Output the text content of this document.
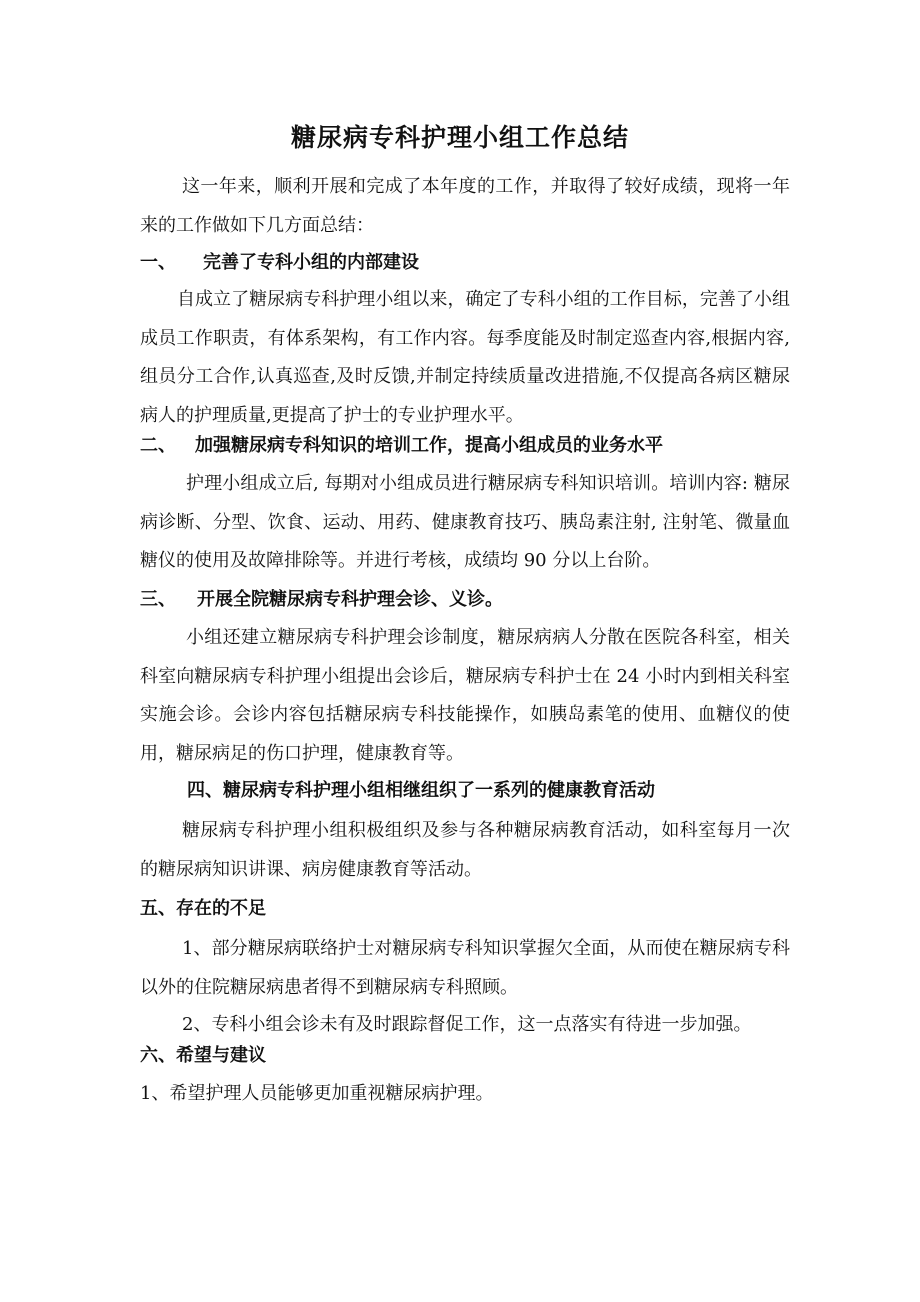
糖尿病专科护理小组工作总结

这一年来，顺利开展和完成了本年度的工作，并取得了较好成绩，现将一年来的工作做如下几方面总结：

一、 完善了专科小组的内部建设

自成立了糖尿病专科护理小组以来，确定了专科小组的工作目标，完善了小组成员工作职责，有体系架构，有工作内容。每季度能及时制定巡查内容,根据内容,组员分工合作,认真巡查,及时反馈,并制定持续质量改进措施,不仅提高各病区糖尿病人的护理质量,更提高了护士的专业护理水平。

二、 加强糖尿病专科知识的培训工作，提高小组成员的业务水平

护理小组成立后, 每期对小组成员进行糖尿病专科知识培训。培训内容: 糖尿病诊断、分型、饮食、运动、用药、健康教育技巧、胰岛素注射, 注射笔、微量血糖仪的使用及故障排除等。并进行考核，成绩均 90 分以上台阶。

三、 开展全院糖尿病专科护理会诊、义诊。

小组还建立糖尿病专科护理会诊制度，糖尿病病人分散在医院各科室，相关科室向糖尿病专科护理小组提出会诊后，糖尿病专科护士在 24 小时内到相关科室实施会诊。会诊内容包括糖尿病专科技能操作，如胰岛素笔的使用、血糖仪的使用，糖尿病足的伤口护理，健康教育等。

四、糖尿病专科护理小组相继组织了一系列的健康教育活动

糖尿病专科护理小组积极组织及参与各种糖尿病教育活动，如科室每月一次的糖尿病知识讲课、病房健康教育等活动。

五、存在的不足

1、部分糖尿病联络护士对糖尿病专科知识掌握欠全面，从而使在糖尿病专科以外的住院糖尿病患者得不到糖尿病专科照顾。

2、专科小组会诊未有及时跟踪督促工作，这一点落实有待进一步加强。

六、希望与建议

1、希望护理人员能够更加重视糖尿病护理。
